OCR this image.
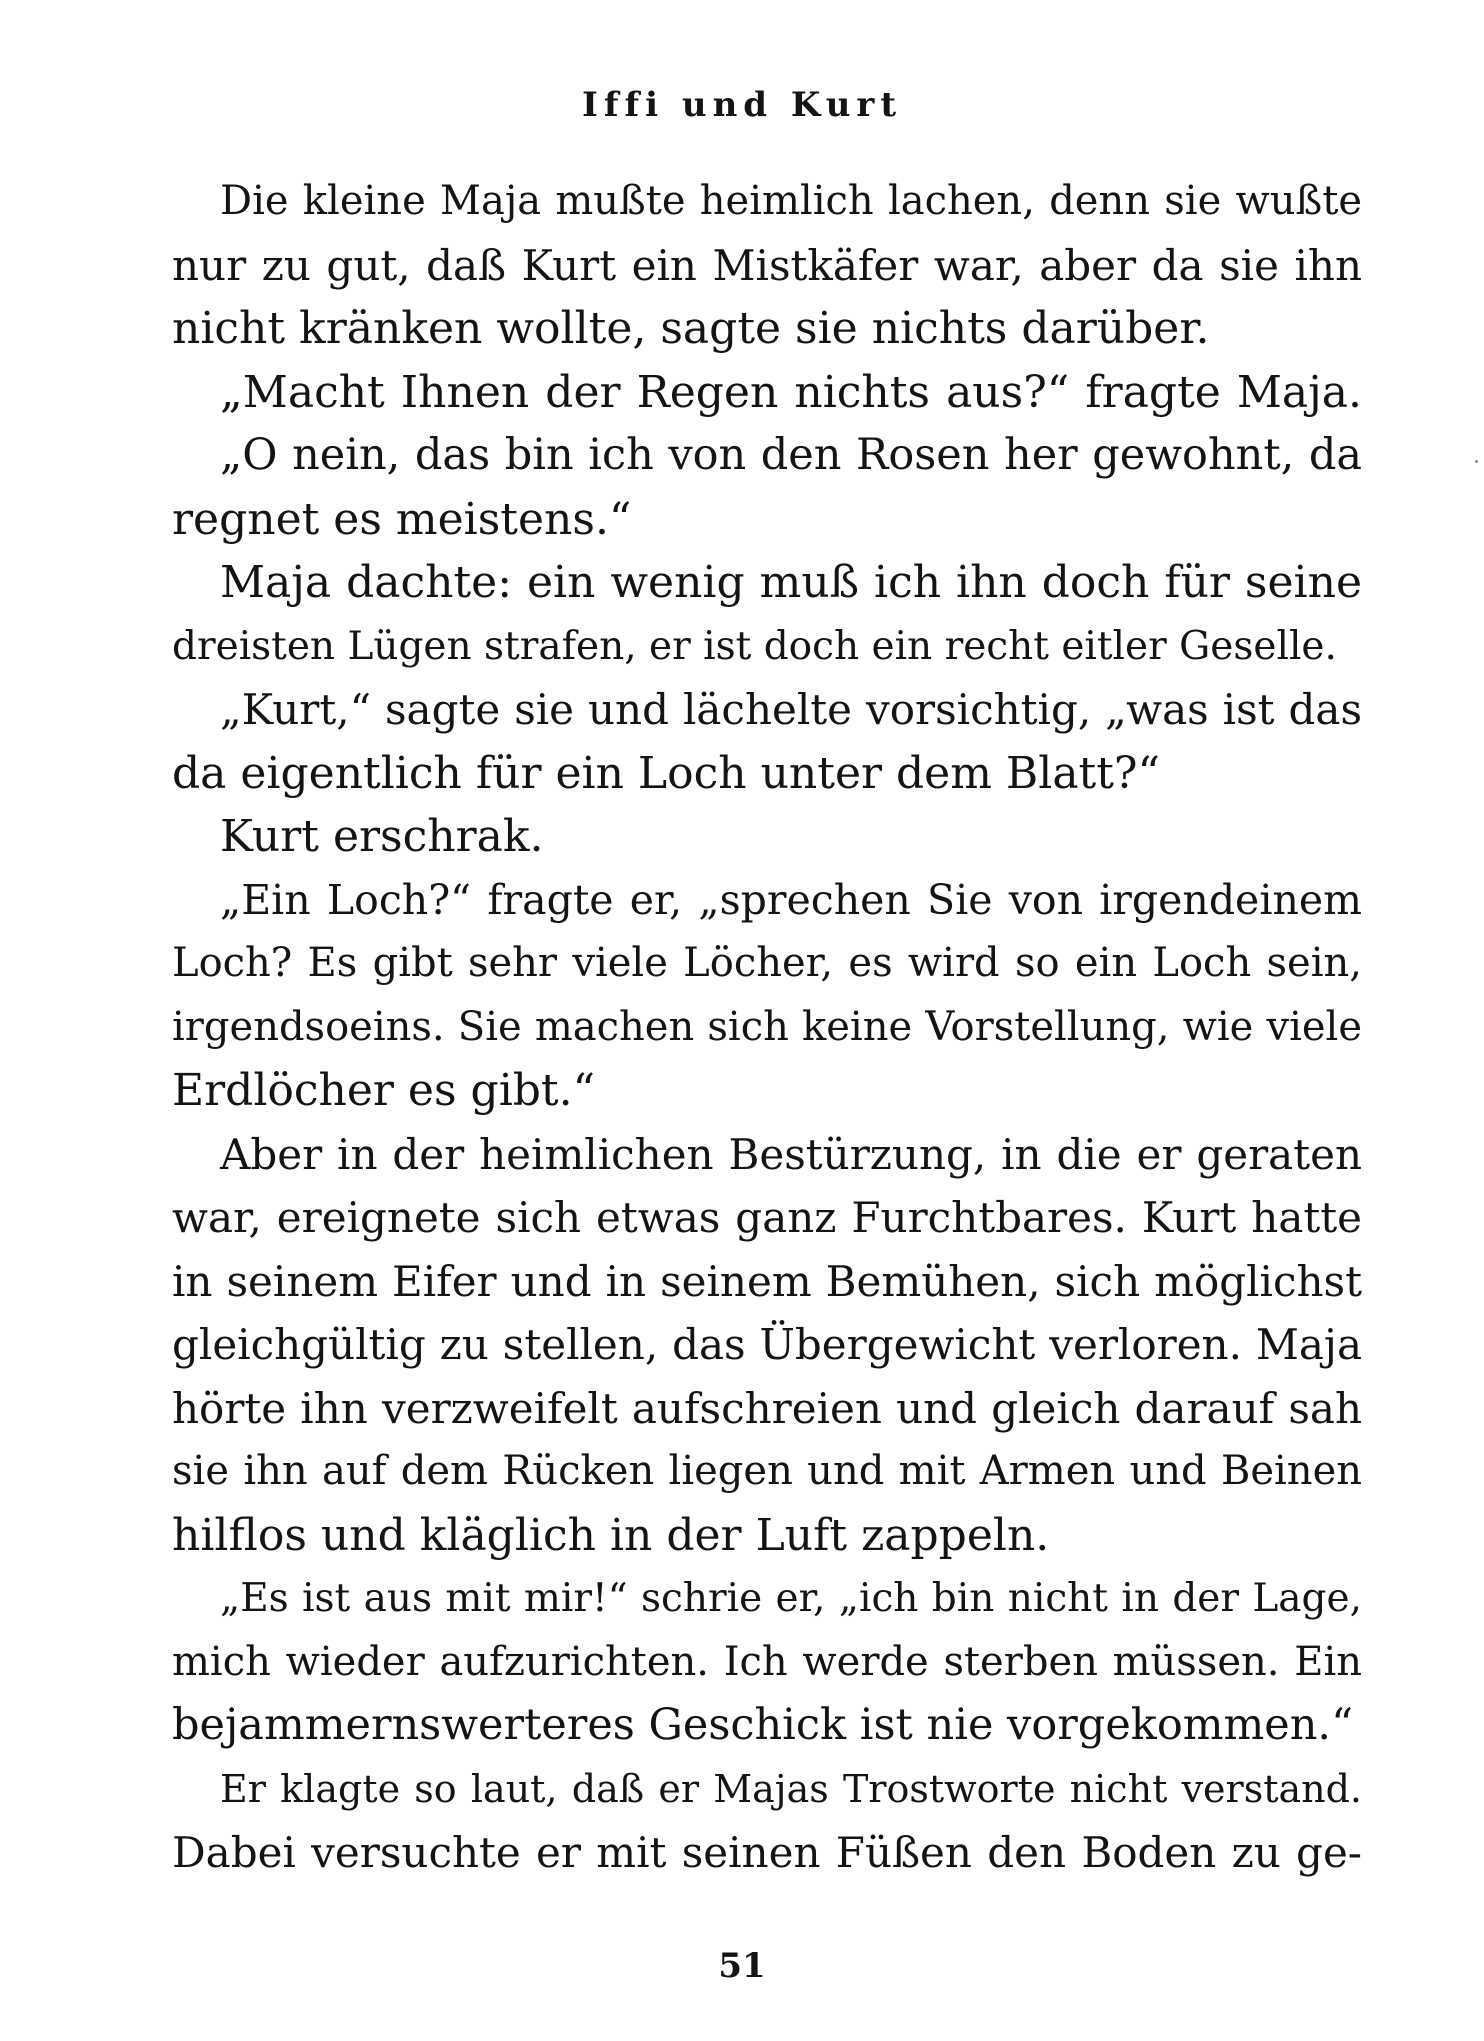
Iffi und Kurt
Die kleine Maja mußte heimlich lachen, denn sie wußte
nur zu gut, daß Kurt ein Mistkäfer war, aber da sie ihn
nicht kränken wollte, sagte sie nichts darüber.
„Macht Ihnen der Regen nichts aus?“ fragte Maja.
„O nein, das bin ich von den Rosen her gewohnt, da
regnet es meistens.“
Maja dachte: ein wenig muß ich ihn doch für seine
dreisten Lügen strafen, er ist doch ein recht eitler Geselle.
„Kurt,“ sagte sie und lächelte vorsichtig, „was ist das
da eigentlich für ein Loch unter dem Blatt?“
Kurt erschrak.
„Ein Loch?“ fragte er, „sprechen Sie von irgendeinem
Loch? Es gibt sehr viele Löcher, es wird so ein Loch sein,
irgendsoeins. Sie machen sich keine Vorstellung, wie viele
Erdlöcher es gibt.“
Aber in der heimlichen Bestürzung, in die er geraten
war, ereignete sich etwas ganz Furchtbares. Kurt hatte
in seinem Eifer und in seinem Bemühen, sich möglichst
gleichgültig zu stellen, das Übergewicht verloren. Maja
hörte ihn verzweifelt aufschreien und gleich darauf sah
sie ihn auf dem Rücken liegen und mit Armen und Beinen
hilflos und kläglich in der Luft zappeln.
„Es ist aus mit mir!“ schrie er, „ich bin nicht in der Lage,
mich wieder aufzurichten. Ich werde sterben müssen. Ein
bejammernswerteres Geschick ist nie vorgekommen.“
Er klagte so laut, daß er Majas Trostworte nicht verstand.
Dabei versuchte er mit seinen Füßen den Boden zu ge-
51
